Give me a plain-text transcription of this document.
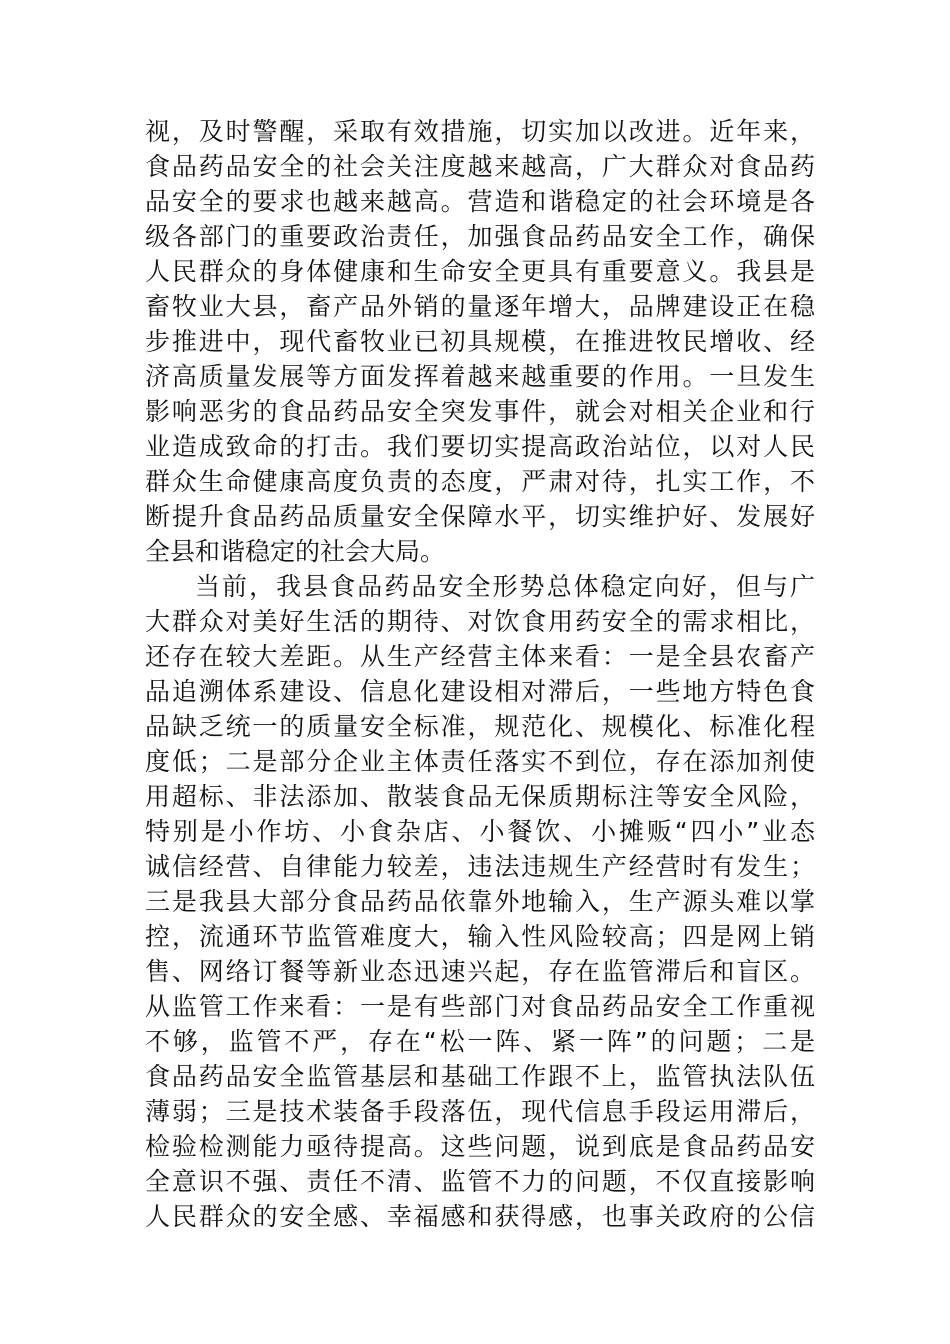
视，及时警醒，采取有效措施，切实加以改进。近年来，
食品药品安全的社会关注度越来越高，广大群众对食品药
品安全的要求也越来越高。营造和谐稳定的社会环境是各
级各部门的重要政治责任，加强食品药品安全工作，确保
人民群众的身体健康和生命安全更具有重要意义。我县是
畜牧业大县，畜产品外销的量逐年增大，品牌建设正在稳
步推进中，现代畜牧业已初具规模，在推进牧民增收、经
济高质量发展等方面发挥着越来越重要的作用。一旦发生
影响恶劣的食品药品安全突发事件，就会对相关企业和行
业造成致命的打击。我们要切实提高政治站位，以对人民
群众生命健康高度负责的态度，严肃对待，扎实工作，不
断提升食品药品质量安全保障水平，切实维护好、发展好
全县和谐稳定的社会大局。
当前，我县食品药品安全形势总体稳定向好，但与广
大群众对美好生活的期待、对饮食用药安全的需求相比，
还存在较大差距。从生产经营主体来看：一是全县农畜产
品追溯体系建设、信息化建设相对滞后，一些地方特色食
品缺乏统一的质量安全标准，规范化、规模化、标准化程
度低；二是部分企业主体责任落实不到位，存在添加剂使
用超标、非法添加、散装食品无保质期标注等安全风险，
特别是小作坊、小食杂店、小餐饮、小摊贩“四小”业态
诚信经营、自律能力较差，违法违规生产经营时有发生；
三是我县大部分食品药品依靠外地输入，生产源头难以掌
控，流通环节监管难度大，输入性风险较高；四是网上销
售、网络订餐等新业态迅速兴起，存在监管滞后和盲区。
从监管工作来看：一是有些部门对食品药品安全工作重视
不够，监管不严，存在“松一阵、紧一阵”的问题；二是
食品药品安全监管基层和基础工作跟不上，监管执法队伍
薄弱；三是技术装备手段落伍，现代信息手段运用滞后，
检验检测能力亟待提高。这些问题，说到底是食品药品安
全意识不强、责任不清、监管不力的问题，不仅直接影响
人民群众的安全感、幸福感和获得感，也事关政府的公信
